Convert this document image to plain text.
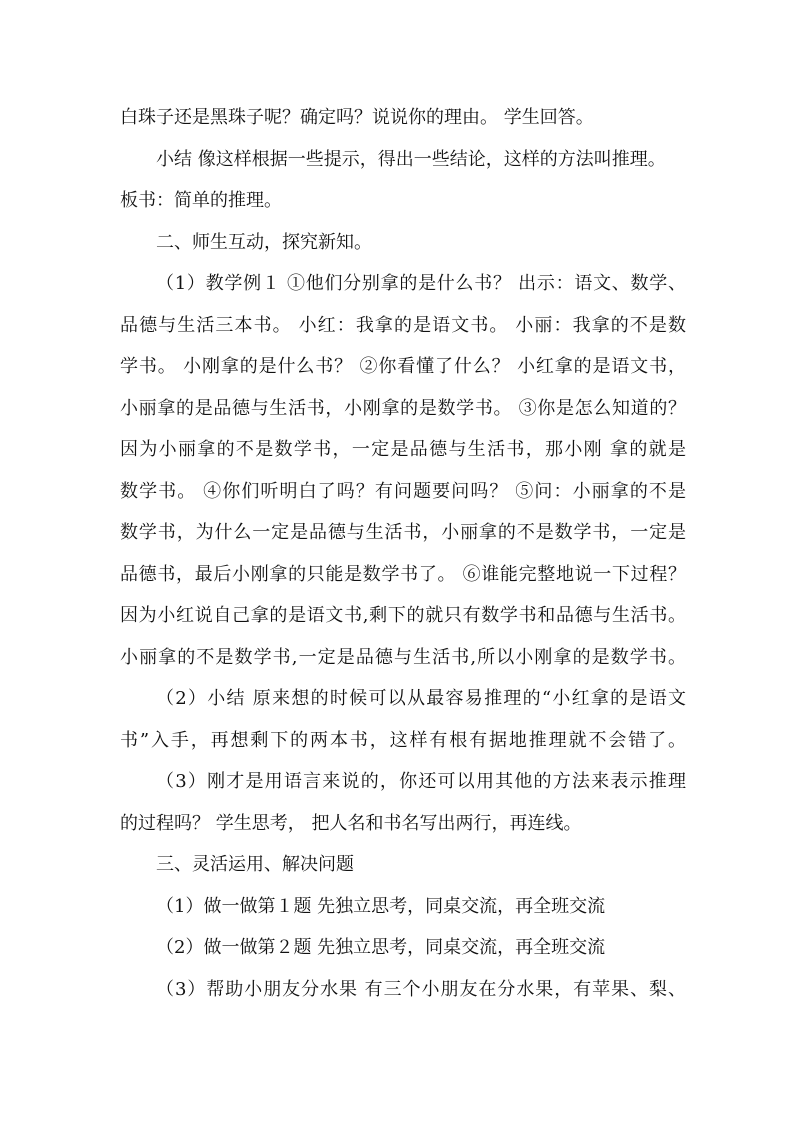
白珠子还是黑珠子呢？确定吗？说说你的理由。 学生回答。
小结 像这样根据一些提示，得出一些结论，这样的方法叫推理。
板书：简单的推理。
二、师生互动，探究新知。
（1）教学例１ ①他们分别拿的是什么书？ 出示：语文、数学、
品德与生活三本书。 小红：我拿的是语文书。 小丽：我拿的不是数
学书。 小刚拿的是什么书？ ②你看懂了什么？ 小红拿的是语文书，
小丽拿的是品德与生活书，小刚拿的是数学书。 ③你是怎么知道的？
因为小丽拿的不是数学书，一定是品德与生活书，那小刚 拿的就是
数学书。 ④你们听明白了吗？有问题要问吗？ ⑤问：小丽拿的不是
数学书，为什么一定是品德与生活书，小丽拿的不是数学书，一定是
品德书，最后小刚拿的只能是数学书了。 ⑥谁能完整地说一下过程？
因为小红说自己拿的是语文书,剩下的就只有数学书和品德与生活书。
小丽拿的不是数学书,一定是品德与生活书,所以小刚拿的是数学书。
（2）小结 原来想的时候可以从最容易推理的“小红拿的是语文
书”入手，再想剩下的两本书，这样有根有据地推理就不会错了。
（3）刚才是用语言来说的，你还可以用其他的方法来表示推理
的过程吗？ 学生思考， 把人名和书名写出两行，再连线。
三、灵活运用、解决问题
（1）做一做第１题 先独立思考，同桌交流，再全班交流
（2）做一做第２题 先独立思考，同桌交流，再全班交流
（3）帮助小朋友分水果 有三个小朋友在分水果，有苹果、梨、
